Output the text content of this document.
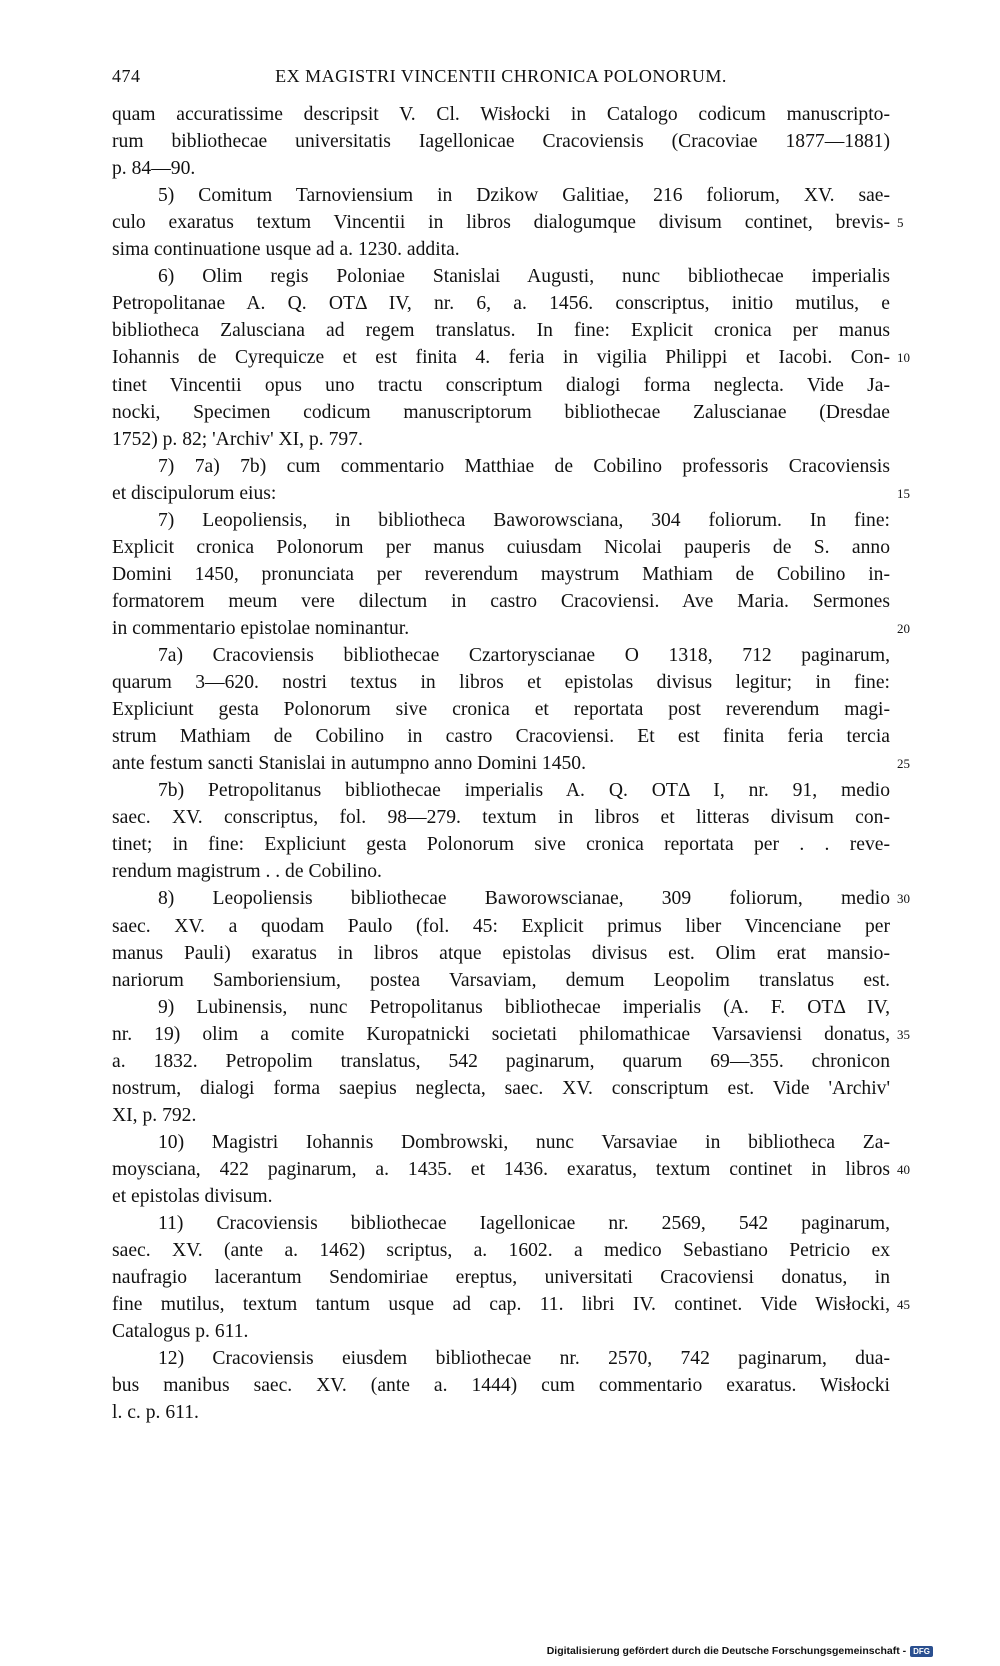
474	EX MAGISTRI VINCENTII CHRONICA POLONORUM.
quam accuratissime descripsit V. Cl. Wisłocki in Catalogo codicum manuscripto-
rum bibliothecae universitatis Iagellonicae Cracoviensis (Cracoviae 1877—1881)
p. 84—90.
5) Comitum Tarnoviensium in Dzikow Galitiae, 216 foliorum, XV. sae-
culo exaratus textum Vincentii in libros dialogumque divisum continet, brevis-
sima continuatione usque ad a. 1230. addita.
6) Olim regis Poloniae Stanislai Augusti, nunc bibliothecae imperialis
Petropolitanae A. Q. OTΔ IV, nr. 6, a. 1456. conscriptus, initio mutilus, e
bibliotheca Zalusciana ad regem translatus. In fine: Explicit cronica per manus
Iohannis de Cyrequicze et est finita 4. feria in vigilia Philippi et Iacobi. Con-
tinet Vincentii opus uno tractu conscriptum dialogi forma neglecta. Vide Ja-
nocki, Specimen codicum manuscriptorum bibliothecae Zaluscianae (Dresdae
1752) p. 82; 'Archiv' XI, p. 797.
7) 7a) 7b) cum commentario Matthiae de Cobilino professoris Cracoviensis
et discipulorum eius:
7) Leopoliensis, in bibliotheca Baworowsciana, 304 foliorum. In fine:
Explicit cronica Polonorum per manus cuiusdam Nicolai pauperis de S. anno
Domini 1450, pronunciata per reverendum maystrum Mathiam de Cobilino in-
formatorem meum vere dilectum in castro Cracoviensi. Ave Maria. Sermones
in commentario epistolae nominantur.
7a) Cracoviensis bibliothecae Czartoryscianae O 1318, 712 paginarum,
quarum 3—620. nostri textus in libros et epistolas divisus legitur; in fine:
Expliciunt gesta Polonorum sive cronica et reportata post reverendum magi-
strum Mathiam de Cobilino in castro Cracoviensi. Et est finita feria tercia
ante festum sancti Stanislai in autumpno anno Domini 1450.
7b) Petropolitanus bibliothecae imperialis A. Q. OTΔ I, nr. 91, medio
saec. XV. conscriptus, fol. 98—279. textum in libros et litteras divisum con-
tinet; in fine: Expliciunt gesta Polonorum sive cronica reportata per . . reve-
rendum magistrum . . de Cobilino.
8) Leopoliensis bibliothecae Baworowscianae, 309 foliorum, medio
saec. XV. a quodam Paulo (fol. 45: Explicit primus liber Vincenciane per
manus Pauli) exaratus in libros atque epistolas divisus est. Olim erat mansio-
nariorum Samboriensium, postea Varsaviam, demum Leopolim translatus est.
9) Lubinensis, nunc Petropolitanus bibliothecae imperialis (A. F. OTΔ IV,
nr. 19) olim a comite Kuropatnicki societati philomathicae Varsaviensi donatus,
a. 1832. Petropolim translatus, 542 paginarum, quarum 69—355. chronicon
nostrum, dialogi forma saepius neglecta, saec. XV. conscriptum est. Vide 'Archiv'
XI, p. 792.
10) Magistri Iohannis Dombrowski, nunc Varsaviae in bibliotheca Za-
moysciana, 422 paginarum, a. 1435. et 1436. exaratus, textum continet in libros
et epistolas divisum.
11) Cracoviensis bibliothecae Iagellonicae nr. 2569, 542 paginarum,
saec. XV. (ante a. 1462) scriptus, a. 1602. a medico Sebastiano Petricio ex
naufragio lacerantum Sendomiriae ereptus, universitati Cracoviensi donatus, in
fine mutilus, textum tantum usque ad cap. 11. libri IV. continet. Vide Wisłocki,
Catalogus p. 611.
12) Cracoviensis eiusdem bibliothecae nr. 2570, 742 paginarum, dua-
bus manibus saec. XV. (ante a. 1444) cum commentario exaratus. Wisłocki
l. c. p. 611.
5
10
15
20
25
30
35
40
45
Digitalisierung gefördert durch die Deutsche Forschungsgemeinschaft - DFG
